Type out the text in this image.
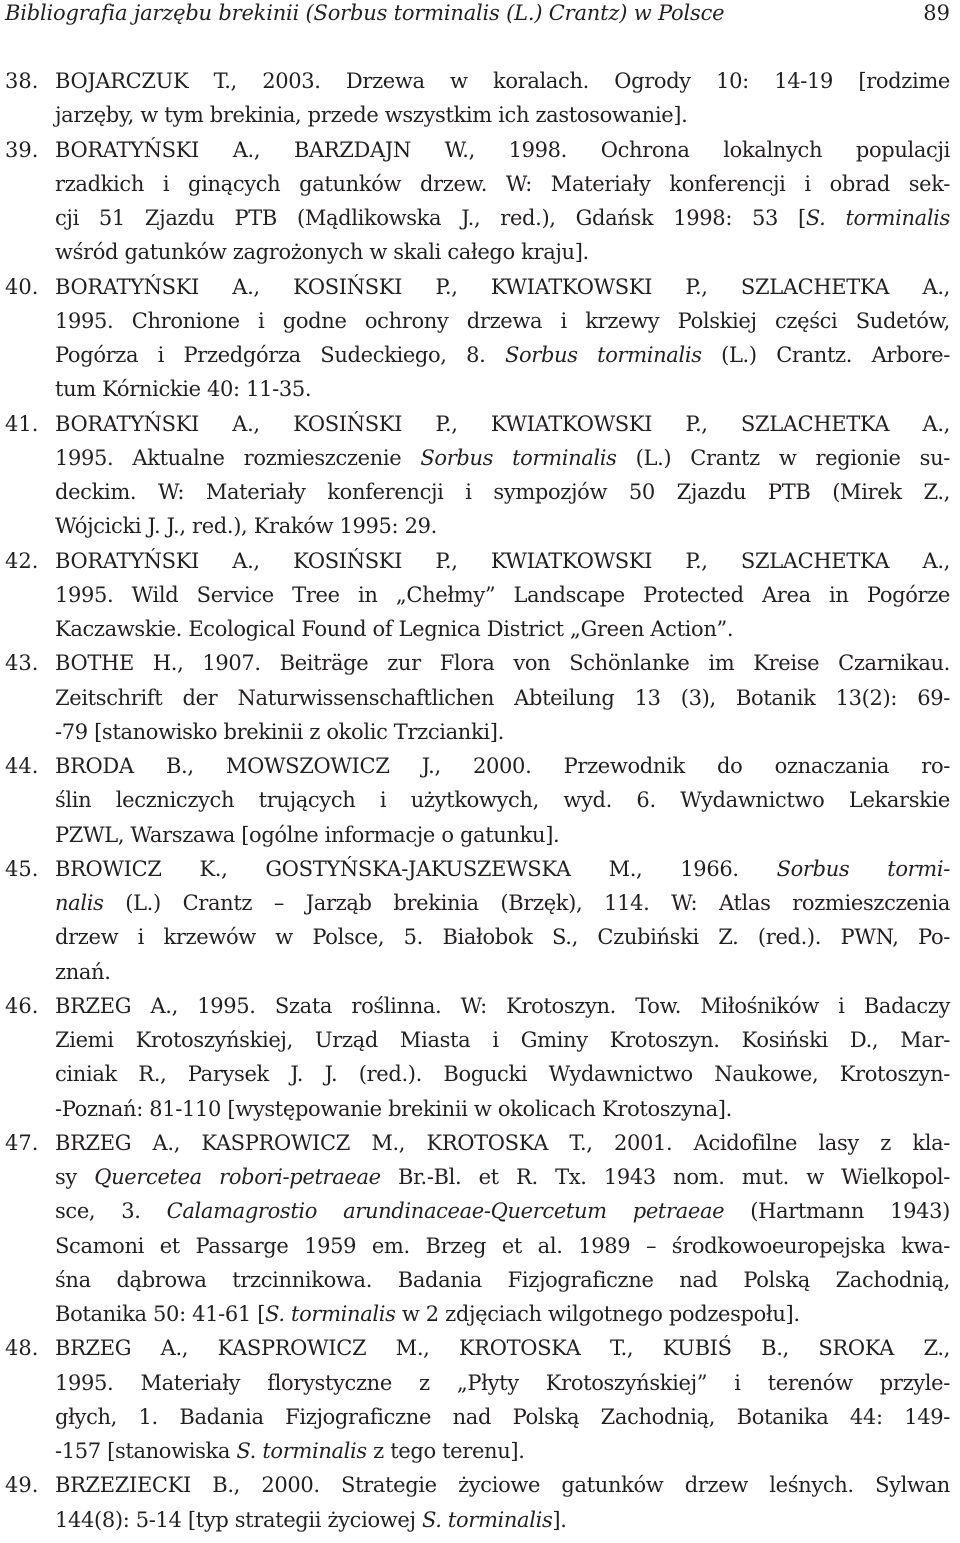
Bibliografia jarzębu brekinii (Sorbus torminalis (L.) Crantz) w Polsce	89
38. BOJARCZUK T., 2003. Drzewa w koralach. Ogrody 10: 14-19 [rodzime
jarzęby, w tym brekinia, przede wszystkim ich zastosowanie].
39. BORATYŃSKI A., BARZDAJN W., 1998. Ochrona lokalnych populacji
rzadkich i ginących gatunków drzew. W: Materiały konferencji i obrad sek-
cji 51 Zjazdu PTB (Mądlikowska J., red.), Gdańsk 1998: 53 [S. torminalis
wśród gatunków zagrożonych w skali całego kraju].
40. BORATYŃSKI A., KOSIŃSKI P., KWIATKOWSKI P., SZLACHETKA A.,
1995. Chronione i godne ochrony drzewa i krzewy Polskiej części Sudetów,
Pogórza i Przedgórza Sudeckiego, 8. Sorbus torminalis (L.) Crantz. Arbore-
tum Kórnickie 40: 11-35.
41. BORATYŃSKI A., KOSIŃSKI P., KWIATKOWSKI P., SZLACHETKA A.,
1995. Aktualne rozmieszczenie Sorbus torminalis (L.) Crantz w regionie su-
deckim. W: Materiały konferencji i sympozjów 50 Zjazdu PTB (Mirek Z.,
Wójcicki J. J., red.), Kraków 1995: 29.
42. BORATYŃSKI A., KOSIŃSKI P., KWIATKOWSKI P., SZLACHETKA A.,
1995. Wild Service Tree in „Chełmy” Landscape Protected Area in Pogórze
Kaczawskie. Ecological Found of Legnica District „Green Action”.
43. BOTHE H., 1907. Beiträge zur Flora von Schönlanke im Kreise Czarnikau.
Zeitschrift der Naturwissenschaftlichen Abteilung 13 (3), Botanik 13(2): 69-
-79 [stanowisko brekinii z okolic Trzcianki].
44. BRODA B., MOWSZOWICZ J., 2000. Przewodnik do oznaczania ro-
ślin leczniczych trujących i użytkowych, wyd. 6. Wydawnictwo Lekarskie
PZWL, Warszawa [ogólne informacje o gatunku].
45. BROWICZ K., GOSTYŃSKA-JAKUSZEWSKA M., 1966. Sorbus tormi-
nalis (L.) Crantz – Jarząb brekinia (Brzęk), 114. W: Atlas rozmieszczenia
drzew i krzewów w Polsce, 5. Białobok S., Czubiński Z. (red.). PWN, Po-
znań.
46. BRZEG A., 1995. Szata roślinna. W: Krotoszyn. Tow. Miłośników i Badaczy
Ziemi Krotoszyńskiej, Urząd Miasta i Gminy Krotoszyn. Kosiński D., Mar-
ciniak R., Parysek J. J. (red.). Bogucki Wydawnictwo Naukowe, Krotoszyn-
-Poznań: 81-110 [występowanie brekinii w okolicach Krotoszyna].
47. BRZEG A., KASPROWICZ M., KROTOSKA T., 2001. Acidofilne lasy z kla-
sy Quercetea robori-petraeae Br.-Bl. et R. Tx. 1943 nom. mut. w Wielkopol-
sce, 3. Calamagrostio arundinaceae-Quercetum petraeae (Hartmann 1943)
Scamoni et Passarge 1959 em. Brzeg et al. 1989 – środkowoeuropejska kwa-
śna dąbrowa trzcinnikowa. Badania Fizjograficzne nad Polską Zachodnią,
Botanika 50: 41-61 [S. torminalis w 2 zdjęciach wilgotnego podzespołu].
48. BRZEG A., KASPROWICZ M., KROTOSKA T., KUBIŚ B., SROKA Z.,
1995. Materiały florystyczne z „Płyty Krotoszyńskiej” i terenów przyle-
głych, 1. Badania Fizjograficzne nad Polską Zachodnią, Botanika 44: 149-
-157 [stanowiska S. torminalis z tego terenu].
49. BRZEZIECKI B., 2000. Strategie życiowe gatunków drzew leśnych. Sylwan
144(8): 5-14 [typ strategii życiowej S. torminalis].
